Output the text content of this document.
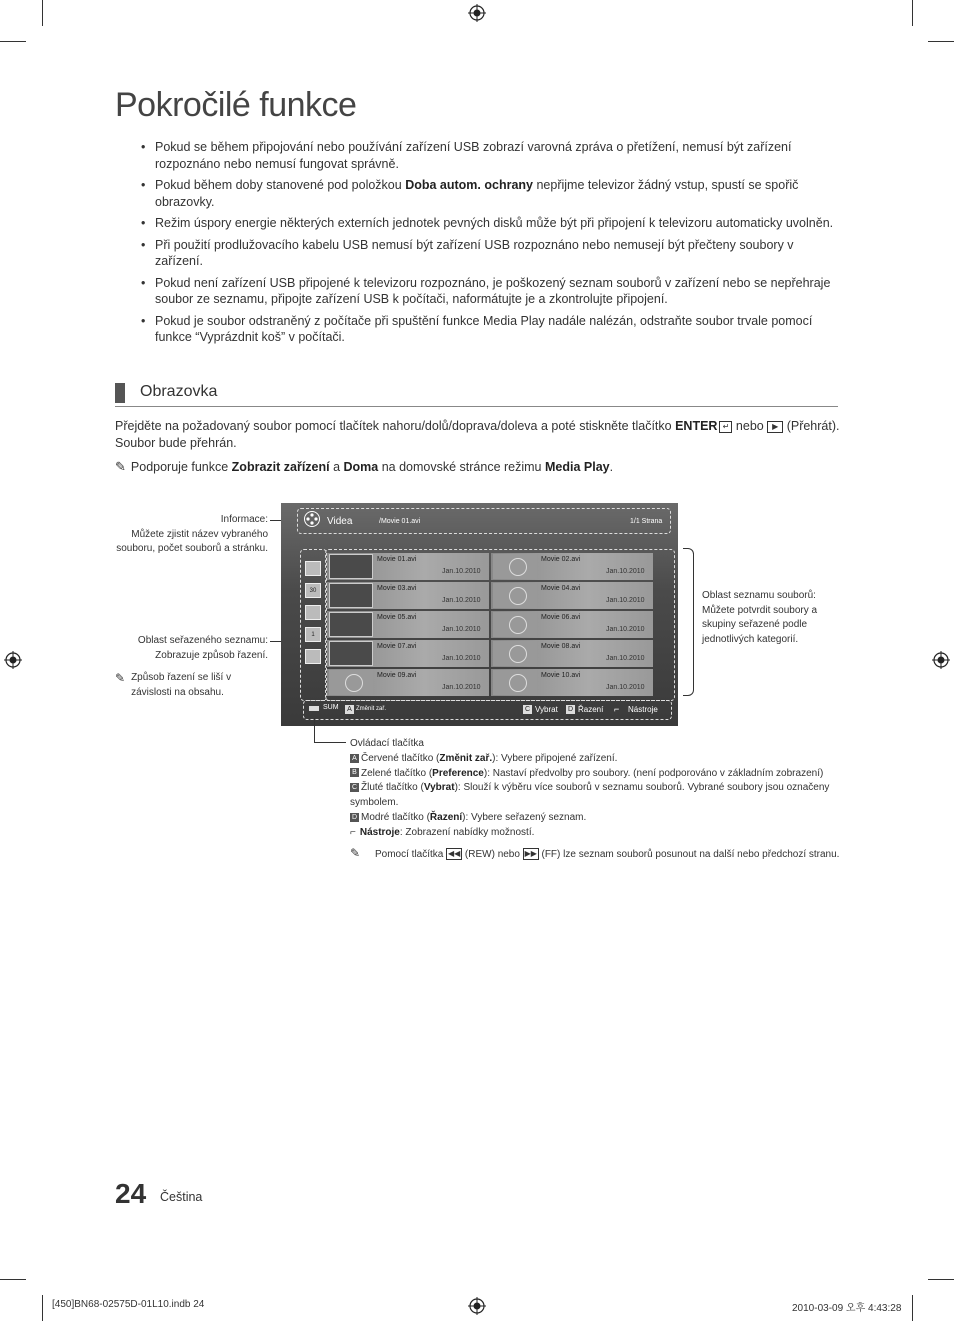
Pokročilé funkce
• Pokud se během připojování nebo používání zařízení USB zobrazí varovná zpráva o přetížení, nemusí být zařízení rozpoznáno nebo nemusí fungovat správně.
• Pokud během doby stanovené pod položkou Doba autom. ochrany nepřijme televizor žádný vstup, spustí se spořič obrazovky.
• Režim úspory energie některých externích jednotek pevných disků může být při připojení k televizoru automaticky uvolněn.
• Při použití prodlužovacího kabelu USB nemusí být zařízení USB rozpoznáno nebo nemusejí být přečteny soubory v zařízení.
• Pokud není zařízení USB připojené k televizoru rozpoznáno, je poškozený seznam souborů v zařízení nebo se nepřehraje soubor ze seznamu, připojte zařízení USB k počítači, naformátujte je a zkontrolujte připojení.
• Pokud je soubor odstraněný z počítače při spuštění funkce Media Play nadále nalézán, odstraňte soubor trvale pomocí funkce “Vyprázdnit koš” v počítači.
Obrazovka
Přejděte na požadovaný soubor pomocí tlačítek nahoru/dolů/doprava/doleva a poté stiskněte tlačítko ENTER ↵ nebo ▶ (Přehrát). Soubor bude přehrán.
✎ Podporuje funkce Zobrazit zařízení a Doma na domovské stránce režimu Media Play.
Informace:
Můžete zjistit název vybraného souboru, počet souborů a stránku.
Oblast seřazeného seznamu:
Zobrazuje způsob řazení.
✎ Způsob řazení se liší v závislosti na obsahu.
Oblast seznamu souborů:
Můžete potvrdit soubory a skupiny seřazené podle jednotlivých kategorií.
Videa	/Movie 01.avi	1/1 Strana
30
1
Movie 01.avi
Jan.10.2010
Movie 02.avi
Jan.10.2010
Movie 03.avi
Jan.10.2010
Movie 04.avi
Jan.10.2010
Movie 05.avi
Jan.10.2010
Movie 06.avi
Jan.10.2010
Movie 07.avi
Jan.10.2010
Movie 08.avi
Jan.10.2010
Movie 09.avi
Jan.10.2010
Movie 10.avi
Jan.10.2010
SUM	A Změnit zař.	C Vybrat D Řazení ⌐ Nástroje
Ovládací tlačítka
A Červené tlačítko (Změnit zař.): Vybere připojené zařízení.
B Zelené tlačítko (Preference): Nastaví předvolby pro soubory. (není podporováno v základním zobrazení)
C Žluté tlačítko (Vybrat): Slouží k výběru více souborů v seznamu souborů. Vybrané soubory jsou označeny symbolem.
D Modré tlačítko (Řazení): Vybere seřazený seznam.
⌐ Nástroje: Zobrazení nabídky možností.
✎ Pomocí tlačítka ◀◀ (REW) nebo ▶▶ (FF) lze seznam souborů posunout na další nebo předchozí stranu.
24 Čeština
[450]BN68-02575D-01L10.indb 24	2010-03-09 오후 4:43:28
